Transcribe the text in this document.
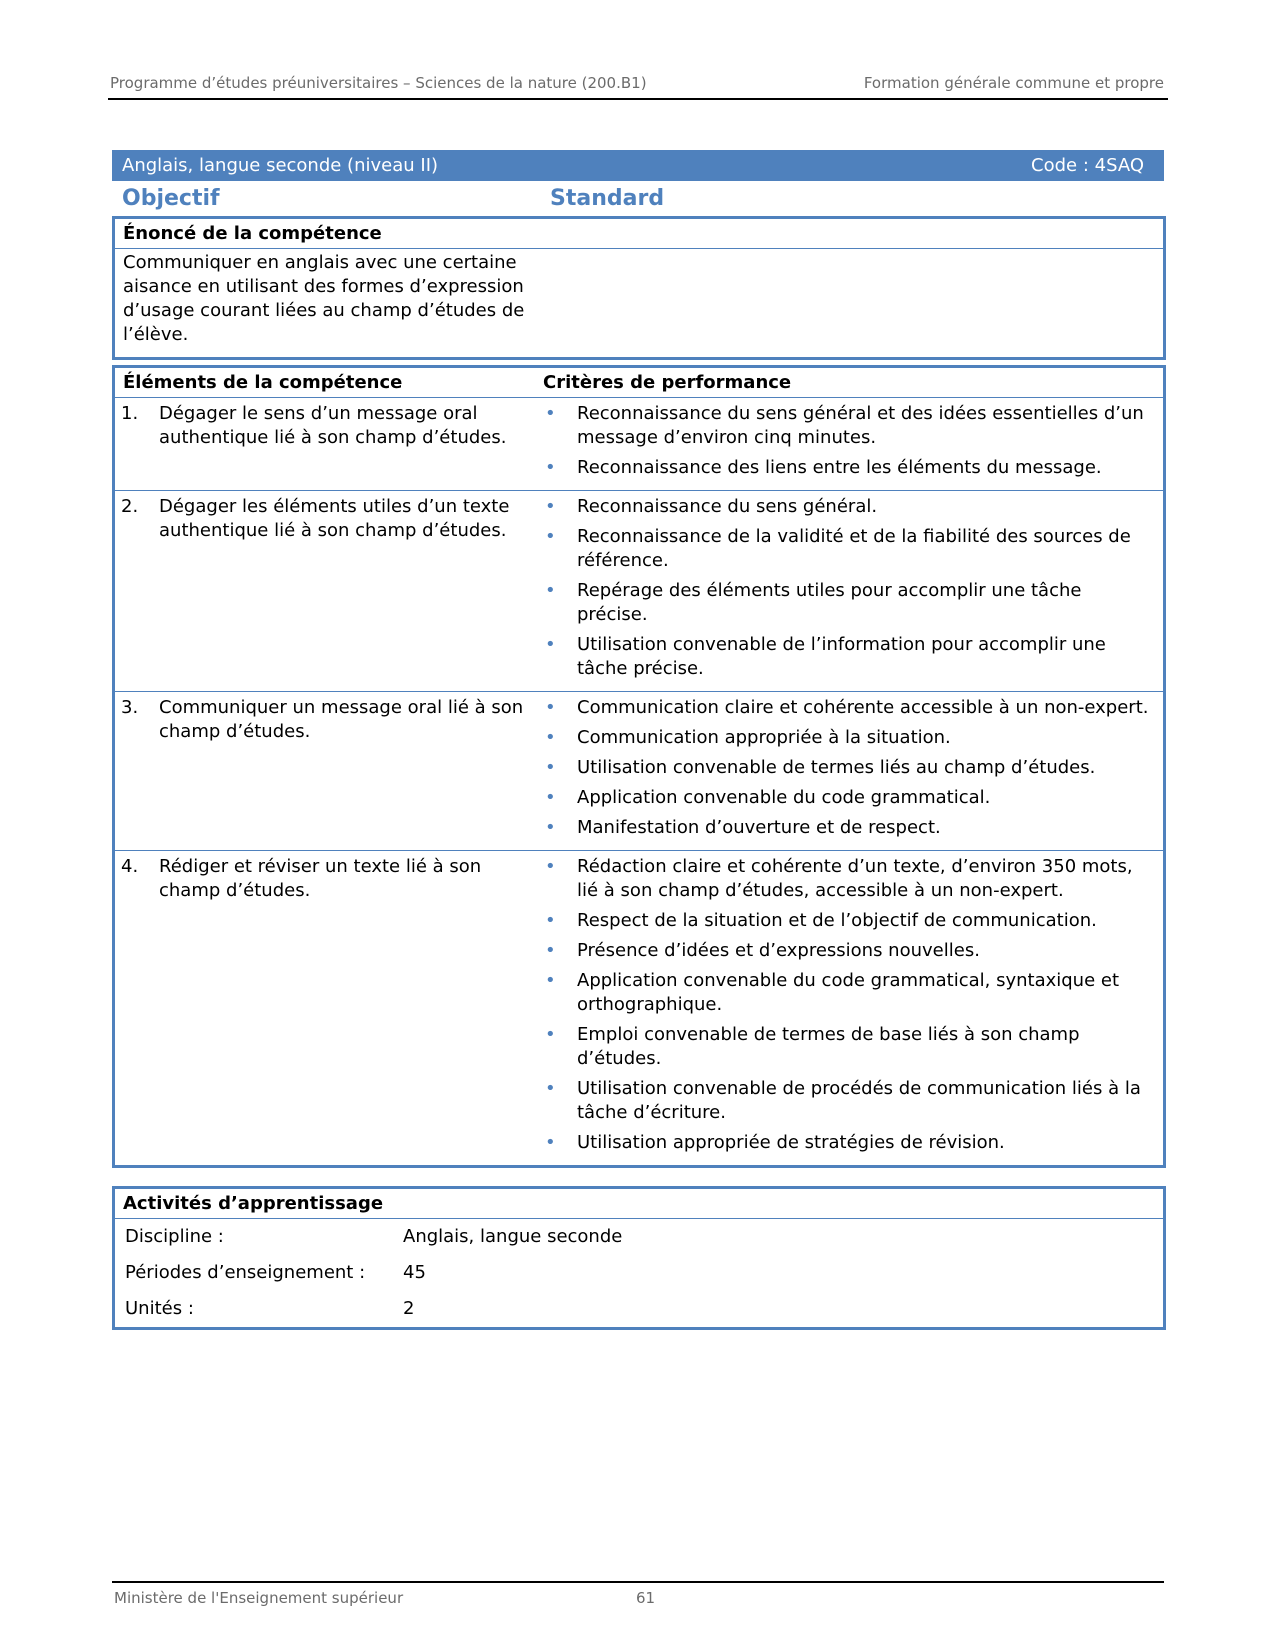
Programme d’études préuniversitaires – Sciences de la nature (200.B1)	Formation générale commune et propre
Anglais, langue seconde (niveau II)	Code : 4SAQ
Objectif	Standard
Énoncé de la compétence
Communiquer en anglais avec une certaine aisance en utilisant des formes d’expression d’usage courant liées au champ d’études de l’élève.
Éléments de la compétence		Critères de performance
1.	Dégager le sens d’un message oral authentique lié à son champ d’études.	
• Reconnaissance du sens général et des idées essentielles d’un message d’environ cinq minutes.
• Reconnaissance des liens entre les éléments du message.

2.	Dégager les éléments utiles d’un texte authentique lié à son champ d’études.	
• Reconnaissance du sens général.
• Reconnaissance de la validité et de la fiabilité des sources de référence.
• Repérage des éléments utiles pour accomplir une tâche précise.
• Utilisation convenable de l’information pour accomplir une tâche précise.

3.	Communiquer un message oral lié à son champ d’études.	
• Communication claire et cohérente accessible à un non-expert.
• Communication appropriée à la situation.
• Utilisation convenable de termes liés au champ d’études.
• Application convenable du code grammatical.
• Manifestation d’ouverture et de respect.

4.	Rédiger et réviser un texte lié à son champ d’études.	
• Rédaction claire et cohérente d’un texte, d’environ 350 mots, lié à son champ d’études, accessible à un non-expert.
• Respect de la situation et de l’objectif de communication.
• Présence d’idées et d’expressions nouvelles.
• Application convenable du code grammatical, syntaxique et orthographique.
• Emploi convenable de termes de base liés à son champ d’études.
• Utilisation convenable de procédés de communication liés à la tâche d’écriture.
• Utilisation appropriée de stratégies de révision.
Activités d’apprentissage
Discipline :	Anglais, langue seconde
Périodes d’enseignement :	45
Unités :	2
Ministère de l'Enseignement supérieur	61
